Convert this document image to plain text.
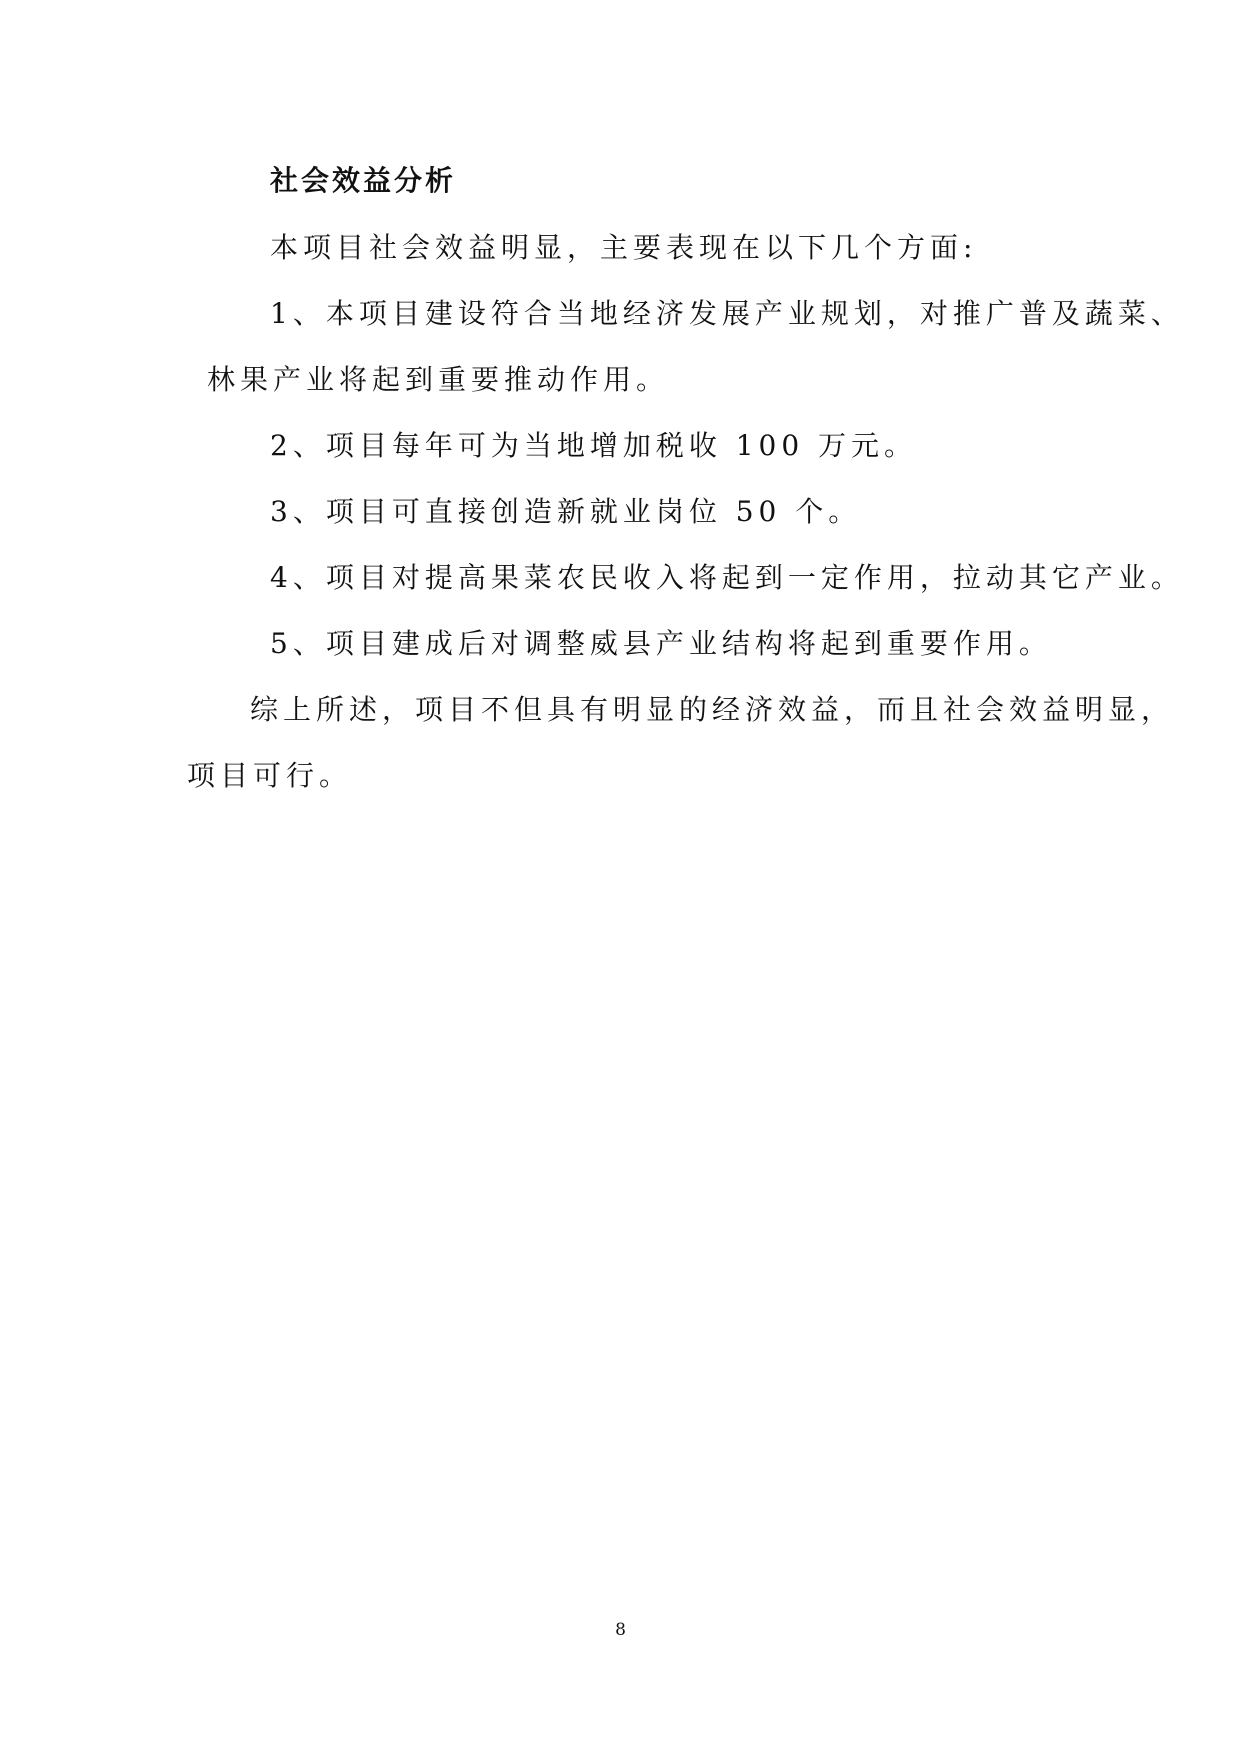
社会效益分析

本项目社会效益明显，主要表现在以下几个方面:

1、本项目建设符合当地经济发展产业规划，对推广普及蔬菜、

林果产业将起到重要推动作用。

2、项目每年可为当地增加税收 100 万元。

3、项目可直接创造新就业岗位 50 个。

4、项目对提高果菜农民收入将起到一定作用，拉动其它产业。

5、项目建成后对调整威县产业结构将起到重要作用。

综上所述，项目不但具有明显的经济效益，而且社会效益明显，

项目可行。

8
